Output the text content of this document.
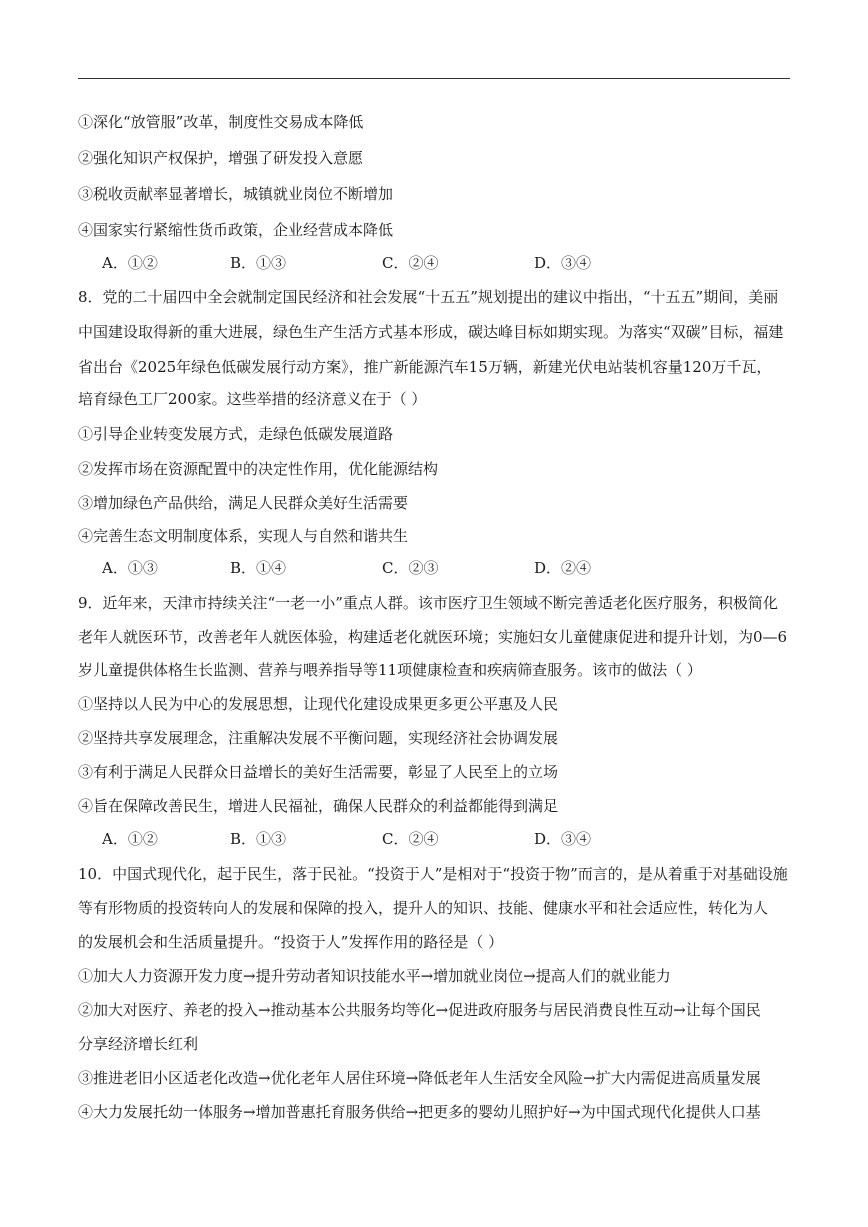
①深化“放管服”改革，制度性交易成本降低
②强化知识产权保护，增强了研发投入意愿
③税收贡献率显著增长，城镇就业岗位不断增加
④国家实行紧缩性货币政策，企业经营成本降低
A．①②	B．①③	C．②④	D．③④
8．党的二十届四中全会就制定国民经济和社会发展“十五五”规划提出的建议中指出，“十五五”期间，美丽
中国建设取得新的重大进展，绿色生产生活方式基本形成，碳达峰目标如期实现。为落实“双碳”目标，福建
省出台《2025年绿色低碳发展行动方案》，推广新能源汽车15万辆，新建光伏电站装机容量120万千瓦，
培育绿色工厂200家。这些举措的经济意义在于（ ）
①引导企业转变发展方式，走绿色低碳发展道路
②发挥市场在资源配置中的决定性作用，优化能源结构
③增加绿色产品供给，满足人民群众美好生活需要
④完善生态文明制度体系，实现人与自然和谐共生
A．①③	B．①④	C．②③	D．②④
9．近年来，天津市持续关注“一老一小”重点人群。该市医疗卫生领域不断完善适老化医疗服务，积极简化
老年人就医环节，改善老年人就医体验，构建适老化就医环境；实施妇女儿童健康促进和提升计划，为0—6
岁儿童提供体格生长监测、营养与喂养指导等11项健康检查和疾病筛查服务。该市的做法（ ）
①坚持以人民为中心的发展思想，让现代化建设成果更多更公平惠及人民
②坚持共享发展理念，注重解决发展不平衡问题，实现经济社会协调发展
③有利于满足人民群众日益增长的美好生活需要，彰显了人民至上的立场
④旨在保障改善民生，增进人民福祉，确保人民群众的利益都能得到满足
A．①②	B．①③	C．②④	D．③④
10．中国式现代化，起于民生，落于民祉。“投资于人”是相对于“投资于物”而言的，是从着重于对基础设施
等有形物质的投资转向人的发展和保障的投入，提升人的知识、技能、健康水平和社会适应性，转化为人
的发展机会和生活质量提升。“投资于人”发挥作用的路径是（ ）
①加大人力资源开发力度→提升劳动者知识技能水平→增加就业岗位→提高人们的就业能力
②加大对医疗、养老的投入→推动基本公共服务均等化→促进政府服务与居民消费良性互动→让每个国民
分享经济增长红利
③推进老旧小区适老化改造→优化老年人居住环境→降低老年人生活安全风险→扩大内需促进高质量发展
④大力发展托幼一体服务→增加普惠托育服务供给→把更多的婴幼儿照护好→为中国式现代化提供人口基
